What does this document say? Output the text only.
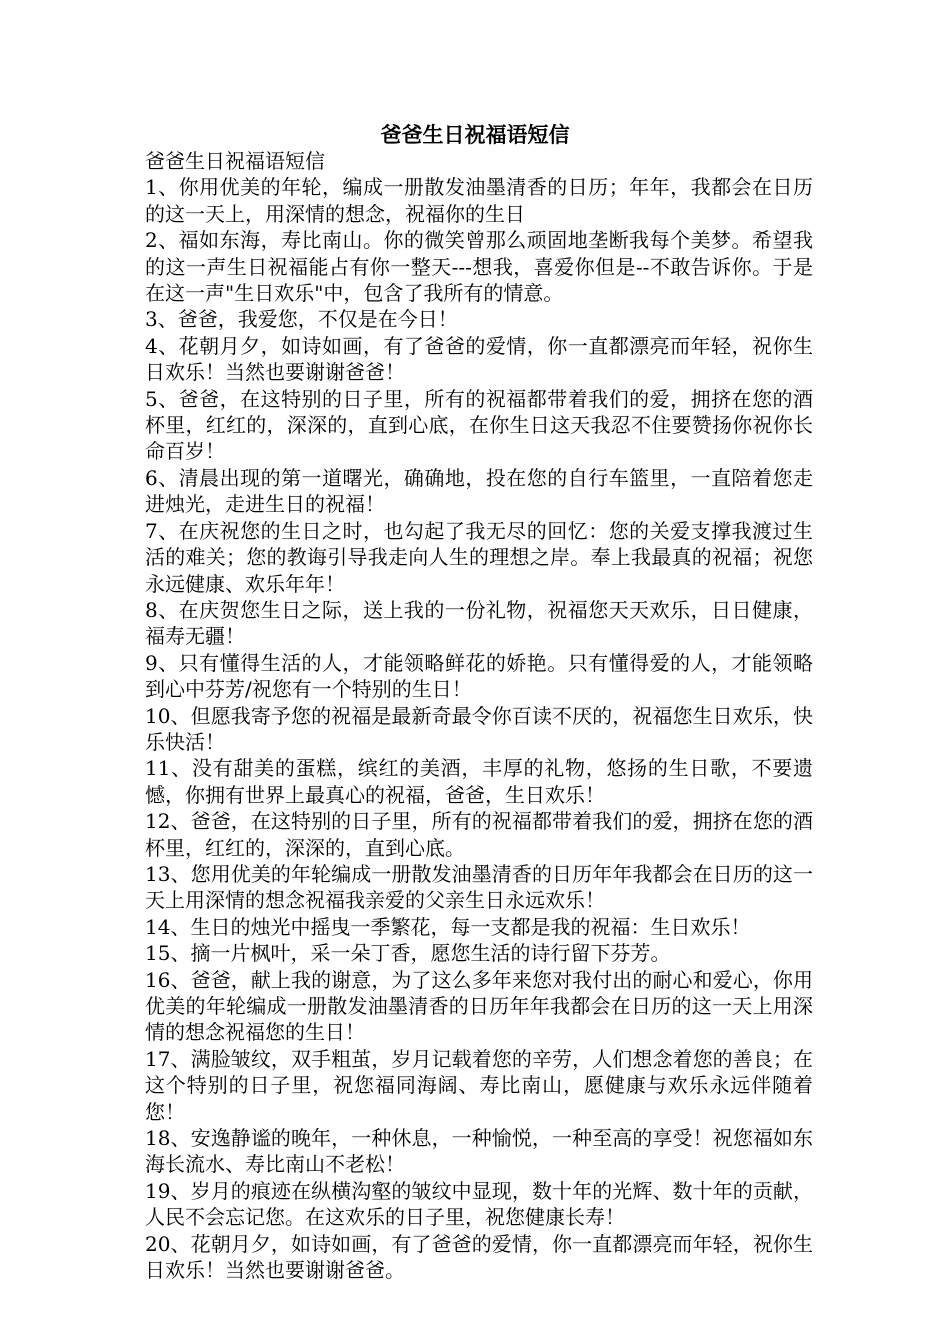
爸爸生日祝福语短信

爸爸生日祝福语短信

1、你用优美的年轮，编成一册散发油墨清香的日历；年年，我都会在日历的这一天上，用深情的想念，祝福你的生日

2、福如东海，寿比南山。你的微笑曾那么顽固地垄断我每个美梦。希望我的这一声生日祝福能占有你一整天---想我，喜爱你但是--不敢告诉你。于是在这一声"生日欢乐"中，包含了我所有的情意。

3、爸爸，我爱您，不仅是在今日！

4、花朝月夕，如诗如画，有了爸爸的爱情，你一直都漂亮而年轻，祝你生日欢乐！当然也要谢谢爸爸！

5、爸爸，在这特别的日子里，所有的祝福都带着我们的爱，拥挤在您的酒杯里，红红的，深深的，直到心底，在你生日这天我忍不住要赞扬你祝你长命百岁！

6、清晨出现的第一道曙光，确确地，投在您的自行车篮里，一直陪着您走进烛光，走进生日的祝福！

7、在庆祝您的生日之时，也勾起了我无尽的回忆：您的关爱支撑我渡过生活的难关；您的教诲引导我走向人生的理想之岸。奉上我最真的祝福；祝您永远健康、欢乐年年！

8、在庆贺您生日之际，送上我的一份礼物，祝福您天天欢乐，日日健康，福寿无疆！

9、只有懂得生活的人，才能领略鲜花的娇艳。只有懂得爱的人，才能领略到心中芬芳/祝您有一个特别的生日！

10、但愿我寄予您的祝福是最新奇最令你百读不厌的，祝福您生日欢乐，快乐快活！

11、没有甜美的蛋糕，缤红的美酒，丰厚的礼物，悠扬的生日歌，不要遗憾，你拥有世界上最真心的祝福，爸爸，生日欢乐！

12、爸爸，在这特别的日子里，所有的祝福都带着我们的爱，拥挤在您的酒杯里，红红的，深深的，直到心底。

13、您用优美的年轮编成一册散发油墨清香的日历年年我都会在日历的这一天上用深情的想念祝福我亲爱的父亲生日永远欢乐！

14、生日的烛光中摇曳一季繁花，每一支都是我的祝福：生日欢乐！

15、摘一片枫叶，采一朵丁香，愿您生活的诗行留下芬芳。

16、爸爸，献上我的谢意，为了这么多年来您对我付出的耐心和爱心，你用优美的年轮编成一册散发油墨清香的日历年年我都会在日历的这一天上用深情的想念祝福您的生日！

17、满脸皱纹，双手粗茧，岁月记载着您的辛劳，人们想念着您的善良；在这个特别的日子里，祝您福同海阔、寿比南山，愿健康与欢乐永远伴随着您！

18、安逸静谧的晚年，一种休息，一种愉悦，一种至高的享受！祝您福如东海长流水、寿比南山不老松！

19、岁月的痕迹在纵横沟壑的皱纹中显现，数十年的光辉、数十年的贡献，人民不会忘记您。在这欢乐的日子里，祝您健康长寿！

20、花朝月夕，如诗如画，有了爸爸的爱情，你一直都漂亮而年轻，祝你生日欢乐！当然也要谢谢爸爸。
